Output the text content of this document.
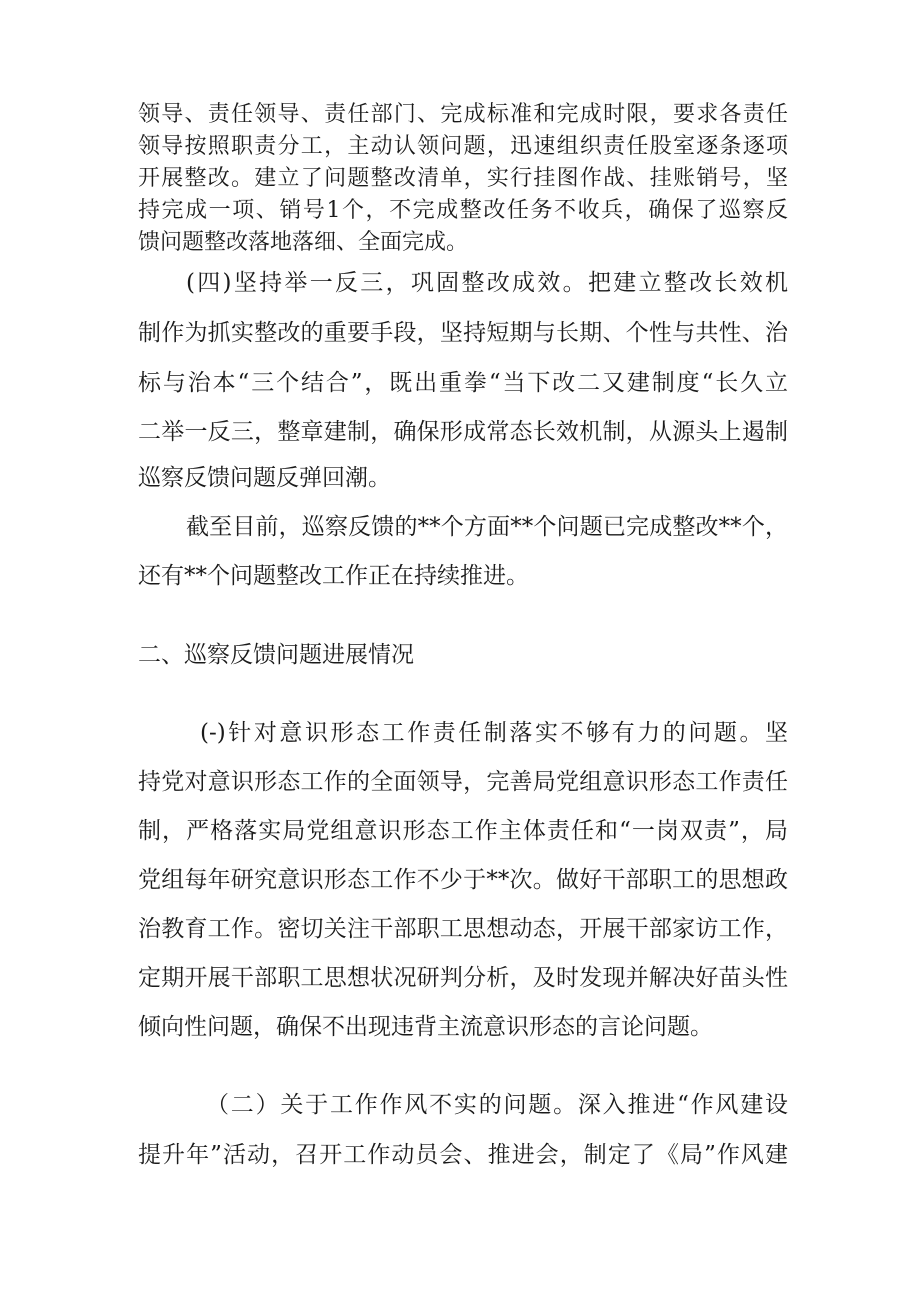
领导、责任领导、责任部门、完成标准和完成时限，要求各责任
领导按照职责分工，主动认领问题，迅速组织责任股室逐条逐项
开展整改。建立了问题整改清单，实行挂图作战、挂账销号，坚
持完成一项、销号1个，不完成整改任务不收兵，确保了巡察反
馈问题整改落地落细、全面完成。
(四)坚持举一反三，巩固整改成效。把建立整改长效机
制作为抓实整改的重要手段，坚持短期与长期、个性与共性、治
标与治本“三个结合”，既出重拳“当下改二又建制度“长久立
二举一反三，整章建制，确保形成常态长效机制，从源头上遏制
巡察反馈问题反弹回潮。
截至目前，巡察反馈的**个方面**个问题已完成整改**个，
还有**个问题整改工作正在持续推进。
二、巡察反馈问题进展情况
(-)针对意识形态工作责任制落实不够有力的问题。坚
持党对意识形态工作的全面领导，完善局党组意识形态工作责任
制，严格落实局党组意识形态工作主体责任和“一岗双责”，局
党组每年研究意识形态工作不少于**次。做好干部职工的思想政
治教育工作。密切关注干部职工思想动态，开展干部家访工作，
定期开展干部职工思想状况研判分析，及时发现并解决好苗头性
倾向性问题，确保不出现违背主流意识形态的言论问题。
（二）关于工作作风不实的问题。深入推进“作风建设
提升年”活动，召开工作动员会、推进会，制定了《局”作风建
